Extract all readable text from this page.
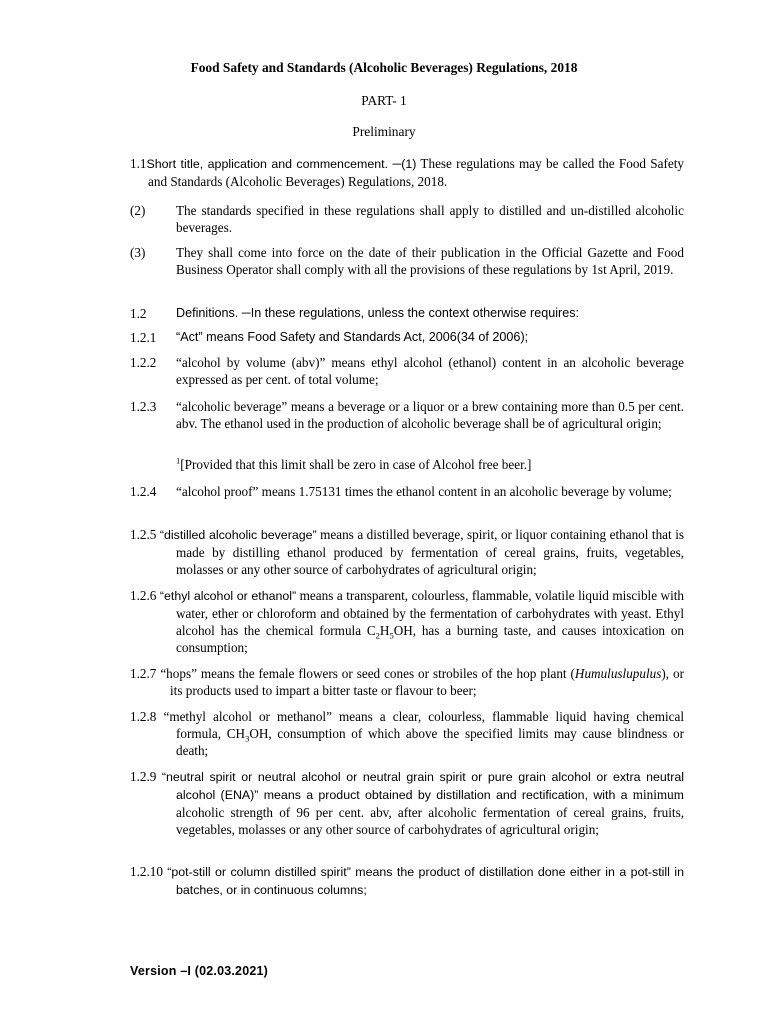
Food Safety and Standards (Alcoholic Beverages) Regulations, 2018
PART- 1
Preliminary
1.1Short title, application and commencement. ─(1) These regulations may be called the Food Safety and Standards (Alcoholic Beverages) Regulations, 2018.
(2) The standards specified in these regulations shall apply to distilled and un-distilled alcoholic beverages.
(3) They shall come into force on the date of their publication in the Official Gazette and Food Business Operator shall comply with all the provisions of these regulations by 1st April, 2019.
1.2 Definitions. ─In these regulations, unless the context otherwise requires:
1.2.1 “Act” means Food Safety and Standards Act, 2006(34 of 2006);
1.2.2 “alcohol by volume (abv)” means ethyl alcohol (ethanol) content in an alcoholic beverage expressed as per cent. of total volume;
1.2.3 “alcoholic beverage” means a beverage or a liquor or a brew containing more than 0.5 per cent. abv. The ethanol used in the production of alcoholic beverage shall be of agricultural origin;
$^1$[Provided that this limit shall be zero in case of Alcohol free beer.]
1.2.4 “alcohol proof” means 1.75131 times the ethanol content in an alcoholic beverage by volume;
1.2.5 “distilled alcoholic beverage” means a distilled beverage, spirit, or liquor containing ethanol that is made by distilling ethanol produced by fermentation of cereal grains, fruits, vegetables, molasses or any other source of carbohydrates of agricultural origin;
1.2.6 “ethyl alcohol or ethanol” means a transparent, colourless, flammable, volatile liquid miscible with water, ether or chloroform and obtained by the fermentation of carbohydrates with yeast. Ethyl alcohol has the chemical formula $C_2H_5OH$, has a burning taste, and causes intoxication on consumption;
1.2.7 “hops” means the female flowers or seed cones or strobiles of the hop plant (Humuluslupulus), or its products used to impart a bitter taste or flavour to beer;
1.2.8 “methyl alcohol or methanol” means a clear, colourless, flammable liquid having chemical formula, $CH_3OH$, consumption of which above the specified limits may cause blindness or death;
1.2.9 “neutral spirit or neutral alcohol or neutral grain spirit or pure grain alcohol or extra neutral alcohol (ENA)” means a product obtained by distillation and rectification, with a minimum alcoholic strength of 96 per cent. abv, after alcoholic fermentation of cereal grains, fruits, vegetables, molasses or any other source of carbohydrates of agricultural origin;
1.2.10 “pot-still or column distilled spirit” means the product of distillation done either in a pot-still in batches, or in continuous columns;
Version –I (02.03.2021)
